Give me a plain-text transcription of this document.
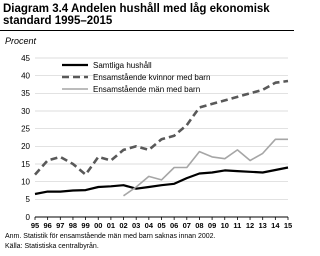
Diagram 3.4 Andelen hushåll med låg ekonomisk standard 1995–2015
Procent
0
5
10
15
20
25
30
35
40
45
95 96 97 98 99 00 01 02 03 04 05 06 07 08 09 10 11 12 13 14 15
Samtliga hushåll
Ensamstående kvinnor med barn
Ensamstående män med barn
Anm. Statistik för ensamstående män med barn saknas innan 2002.
Källa: Statistiska centralbyrån.
